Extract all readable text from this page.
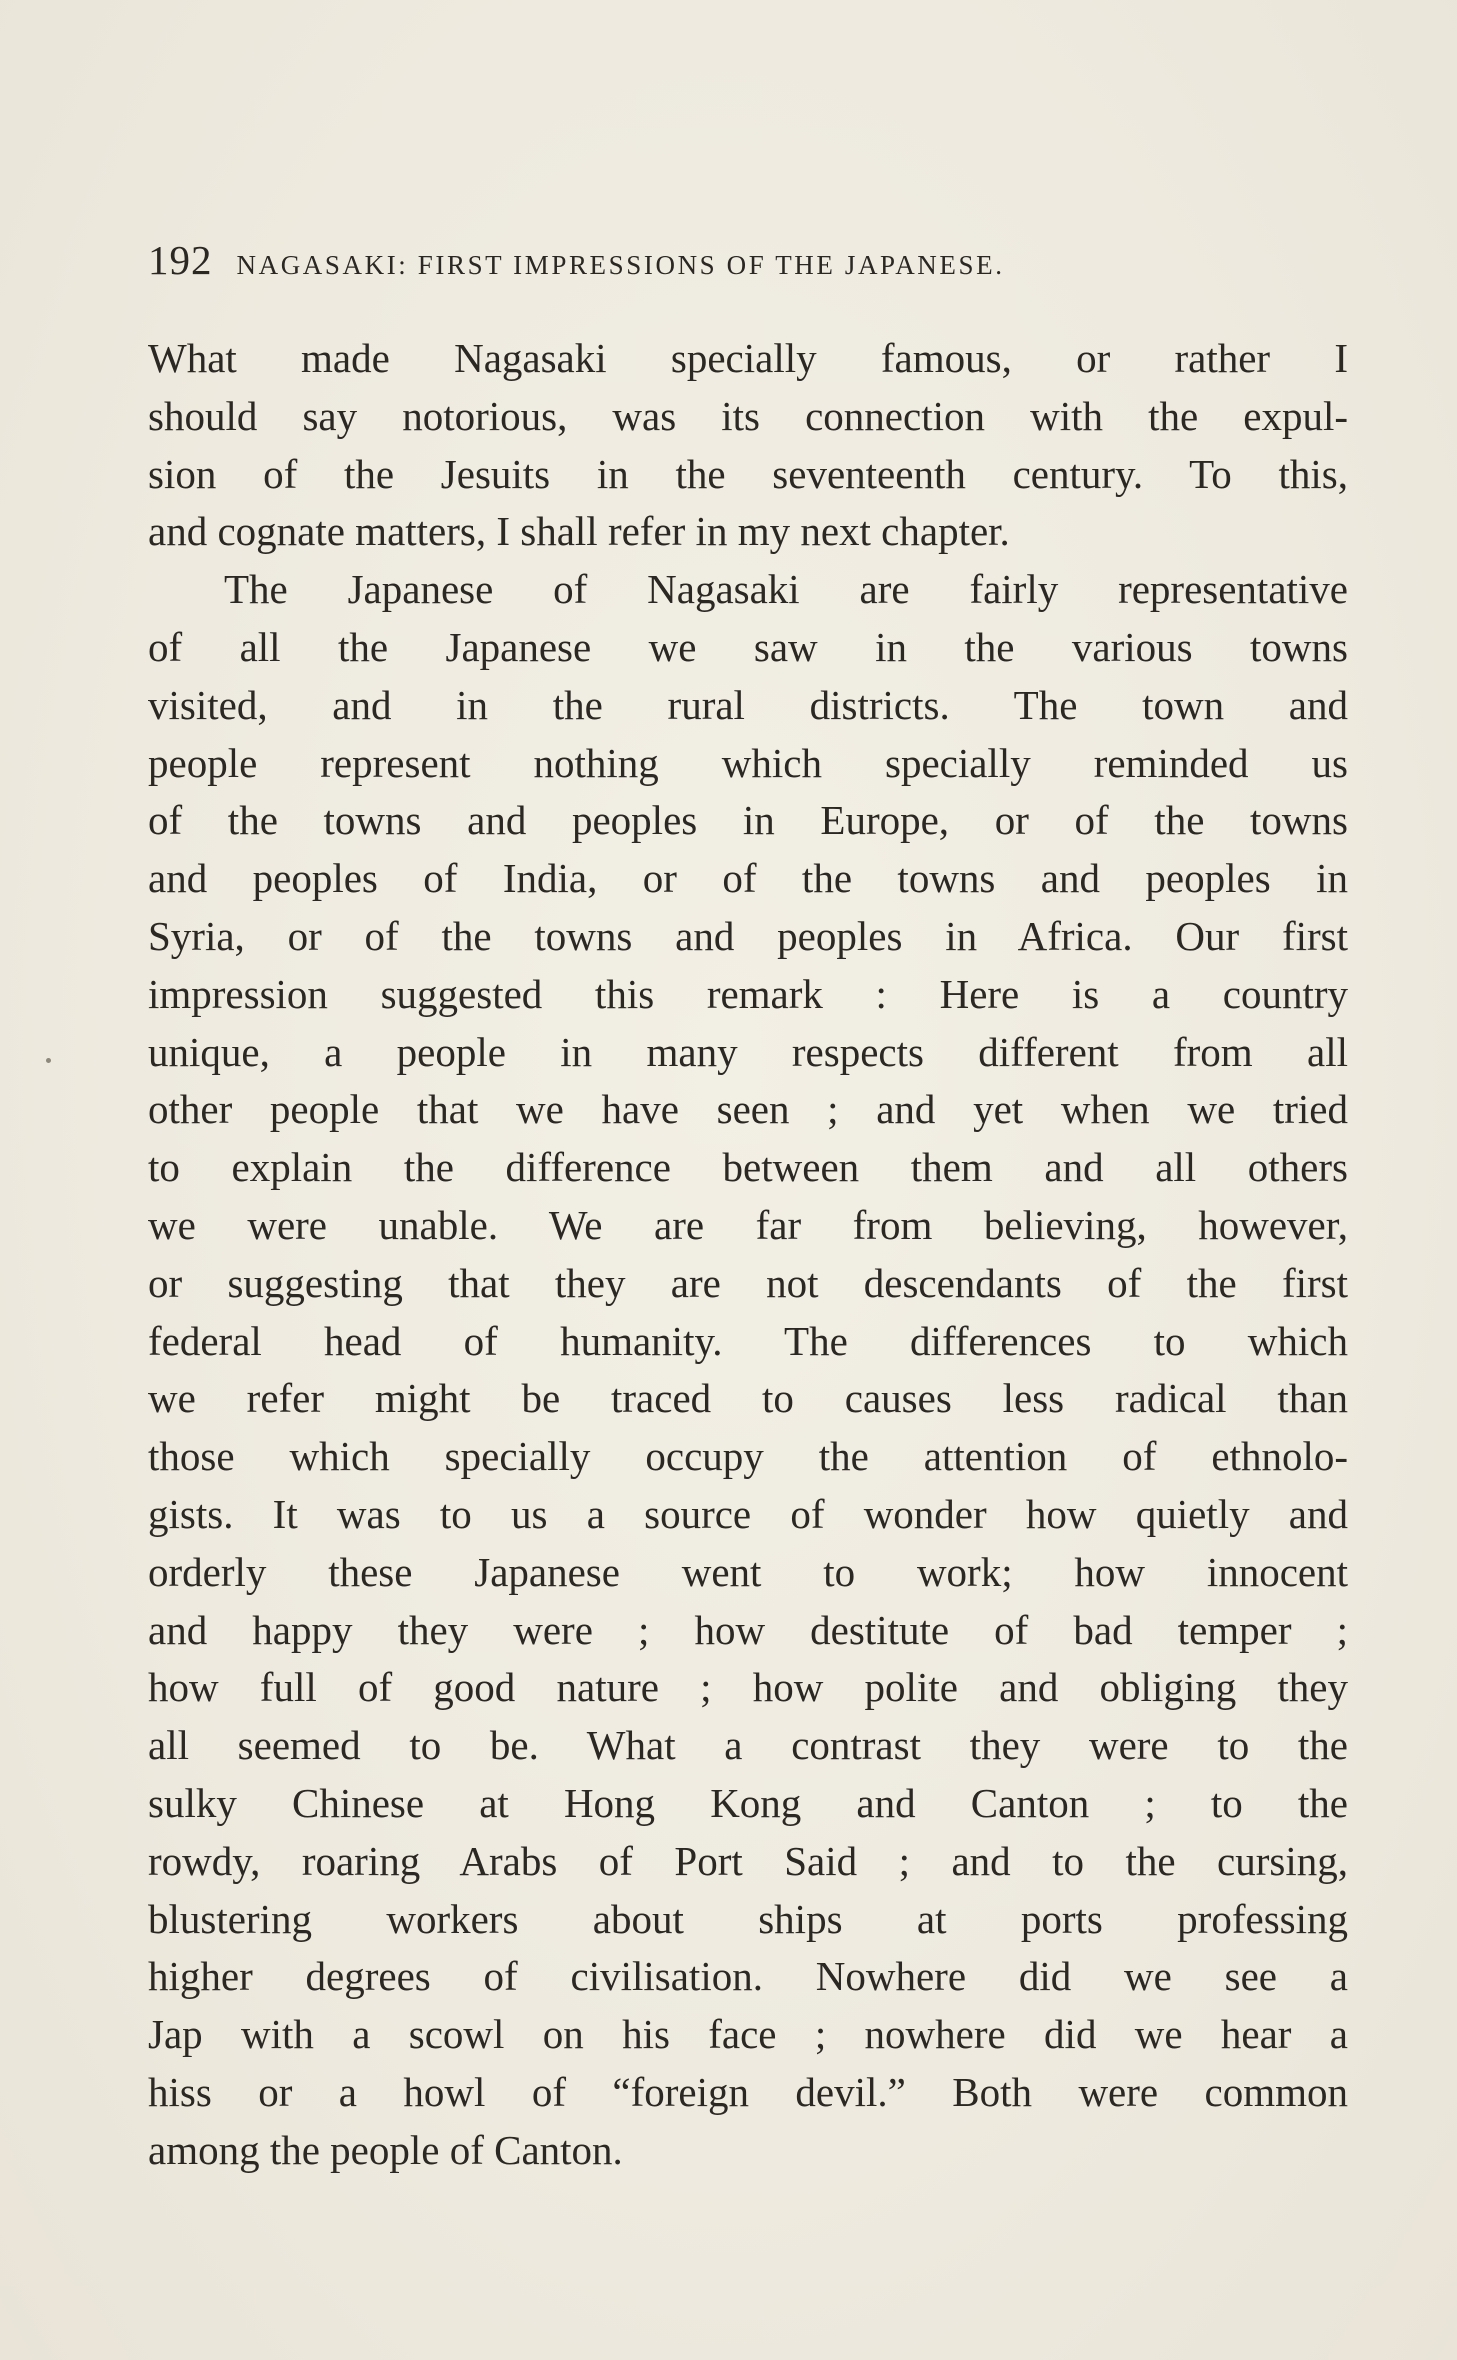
192 NAGASAKI: FIRST IMPRESSIONS OF THE JAPANESE.
What made Nagasaki specially famous, or rather I
should say notorious, was its connection with the expul-
sion of the Jesuits in the seventeenth century. To this,
and cognate matters, I shall refer in my next chapter.
The Japanese of Nagasaki are fairly representative
of all the Japanese we saw in the various towns
visited, and in the rural districts. The town and
people represent nothing which specially reminded us
of the towns and peoples in Europe, or of the towns
and peoples of India, or of the towns and peoples in
Syria, or of the towns and peoples in Africa. Our first
impression suggested this remark : Here is a country
unique, a people in many respects different from all
other people that we have seen ; and yet when we tried
to explain the difference between them and all others
we were unable. We are far from believing, however,
or suggesting that they are not descendants of the first
federal head of humanity. The differences to which
we refer might be traced to causes less radical than
those which specially occupy the attention of ethnolo-
gists. It was to us a source of wonder how quietly and
orderly these Japanese went to work; how innocent
and happy they were ; how destitute of bad temper ;
how full of good nature ; how polite and obliging they
all seemed to be. What a contrast they were to the
sulky Chinese at Hong Kong and Canton ; to the
rowdy, roaring Arabs of Port Said ; and to the cursing,
blustering workers about ships at ports professing
higher degrees of civilisation. Nowhere did we see a
Jap with a scowl on his face ; nowhere did we hear a
hiss or a howl of “foreign devil.” Both were common
among the people of Canton.
